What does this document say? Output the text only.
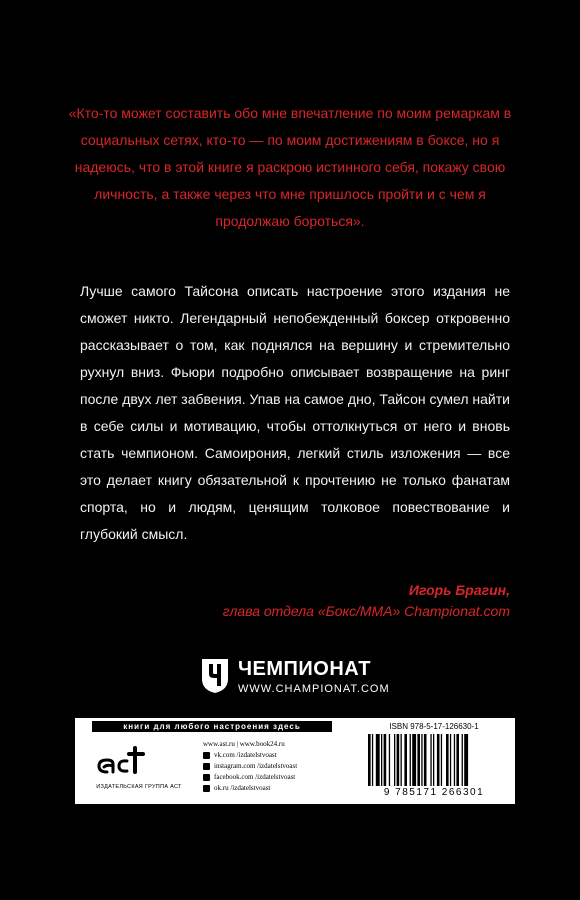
«Кто-то может составить обо мне впечатление по моим ремаркам в социальных сетях, кто-то — по моим достижениям в боксе, но я надеюсь, что в этой книге я раскрою истинного себя, покажу свою личность, а также через что мне пришлось пройти и с чем я продолжаю бороться».

Лучше самого Тайсона описать настроение этого издания не сможет никто. Легендарный непобежденный боксер откровенно рассказывает о том, как поднялся на вершину и стремительно рухнул вниз. Фьюри подробно описывает возвращение на ринг после двух лет забвения. Упав на самое дно, Тайсон сумел найти в себе силы и мотивацию, чтобы оттолкнуться от него и вновь стать чемпионом. Самоирония, легкий стиль изложения — все это делает книгу обязательной к прочтению не только фанатам спорта, но и людям, ценящим толковое повествование и глубокий смысл.

Игорь Брагин,
глава отдела «Бокс/ММА» Championat.com
ЧЕМПИОНАТ
WWW.CHAMPIONAT.COM
книги для любого настроения здесь
ИЗДАТЕЛЬСКАЯ ГРУППА АСТ
www.ast.ru | www.book24.ru
vk.com /izdatelstvoast
instagram.com /izdatelstvoast
facebook.com /izdatelstvoast
ok.ru /izdatelstvoast
ISBN 978-5-17-126630-1
9 785171 266301
